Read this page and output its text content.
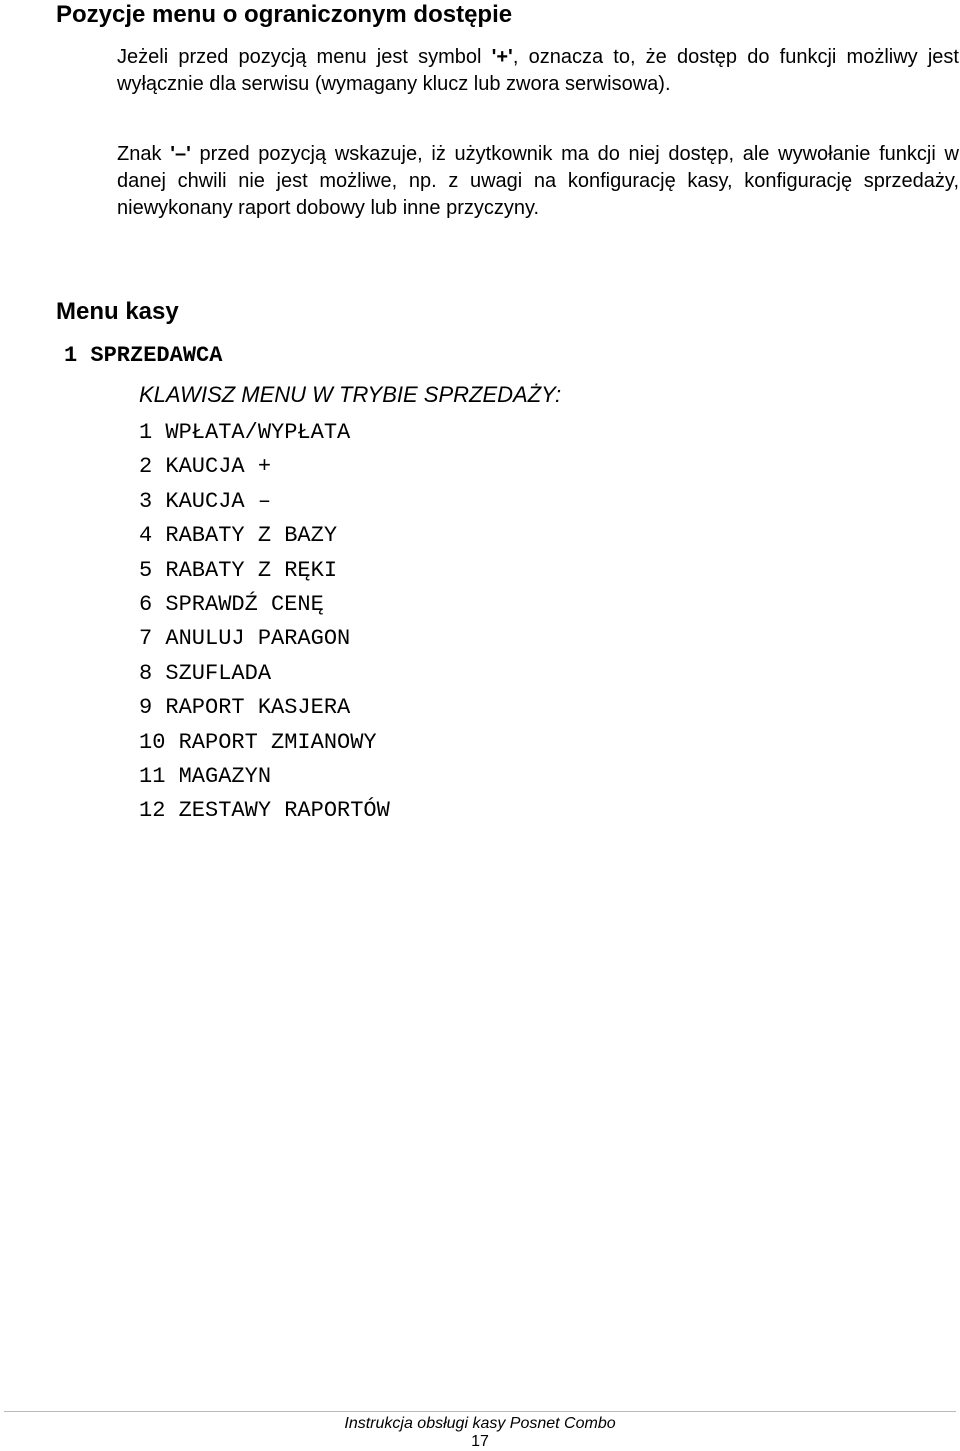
Pozycje menu o ograniczonym dostępie

Jeżeli przed pozycją menu jest symbol '+', oznacza to, że dostęp do funkcji możliwy jest wyłącznie dla serwisu (wymagany klucz lub zwora serwisowa).

Znak '–' przed pozycją wskazuje, iż użytkownik ma do niej dostęp, ale wywołanie funkcji w danej chwili nie jest możliwe, np. z uwagi na konfigurację kasy, konfigurację sprzedaży, niewykonany raport dobowy lub inne przyczyny.

Menu kasy
1 SPRZEDAWCA
KLAWISZ MENU W TRYBIE SPRZEDAŻY:
1 WPŁATA/WYPŁATA
2 KAUCJA +
3 KAUCJA –
4 RABATY Z BAZY
5 RABATY Z RĘKI
6 SPRAWDŹ CENĘ
7 ANULUJ PARAGON
8 SZUFLADA
9 RAPORT KASJERA
10 RAPORT ZMIANOWY
11 MAGAZYN
12 ZESTAWY RAPORTÓW
Instrukcja obsługi kasy Posnet Combo
17
